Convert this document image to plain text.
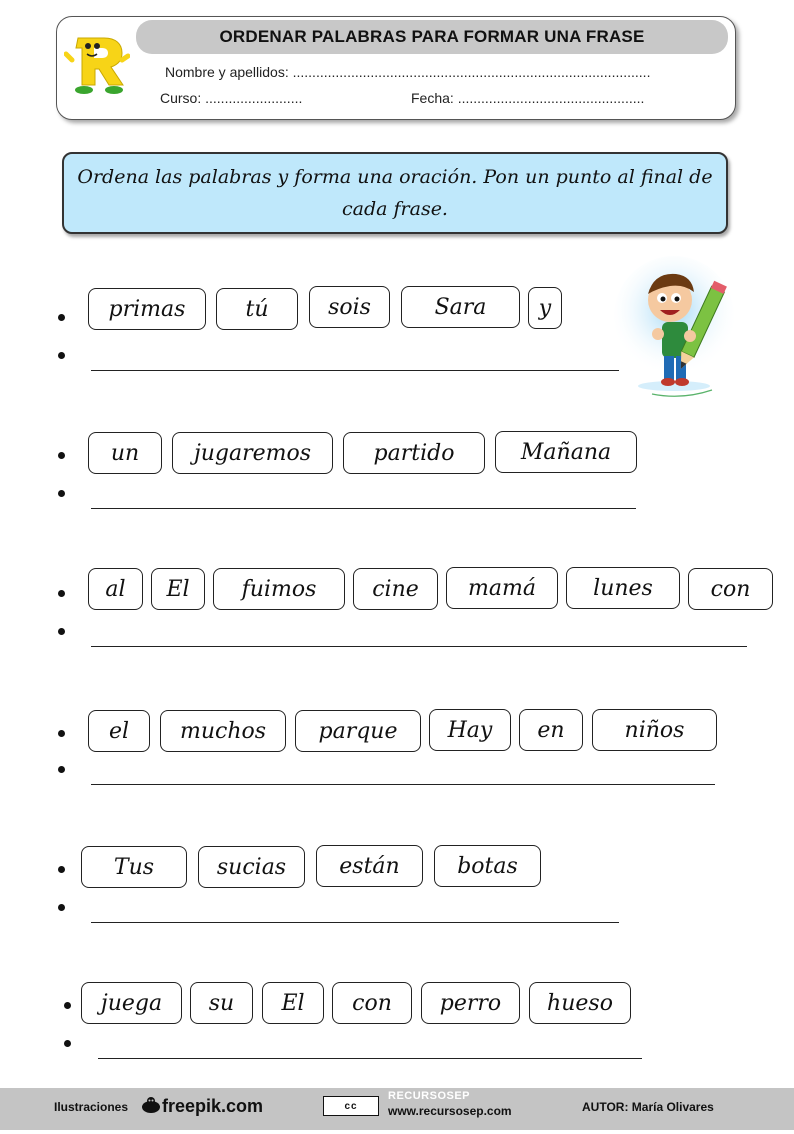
ORDENAR PALABRAS PARA FORMAR UNA FRASE
Nombre y apellidos: ............................................................................................
Curso: .........................	Fecha: ................................................
Ordena las palabras y forma una oración. Pon un punto al final de cada frase.
primas	tú	sois	Sara	y
un	jugaremos	partido	Mañana
al	El	fuimos	cine	mamá	lunes	con
el	muchos	parque	Hay	en	niños
Tus	sucias	están	botas
juega	su	El	con	perro	hueso
Ilustraciones freepik.com	cc
RECURSOSEP
www.recursosep.com	AUTOR: María Olivares
